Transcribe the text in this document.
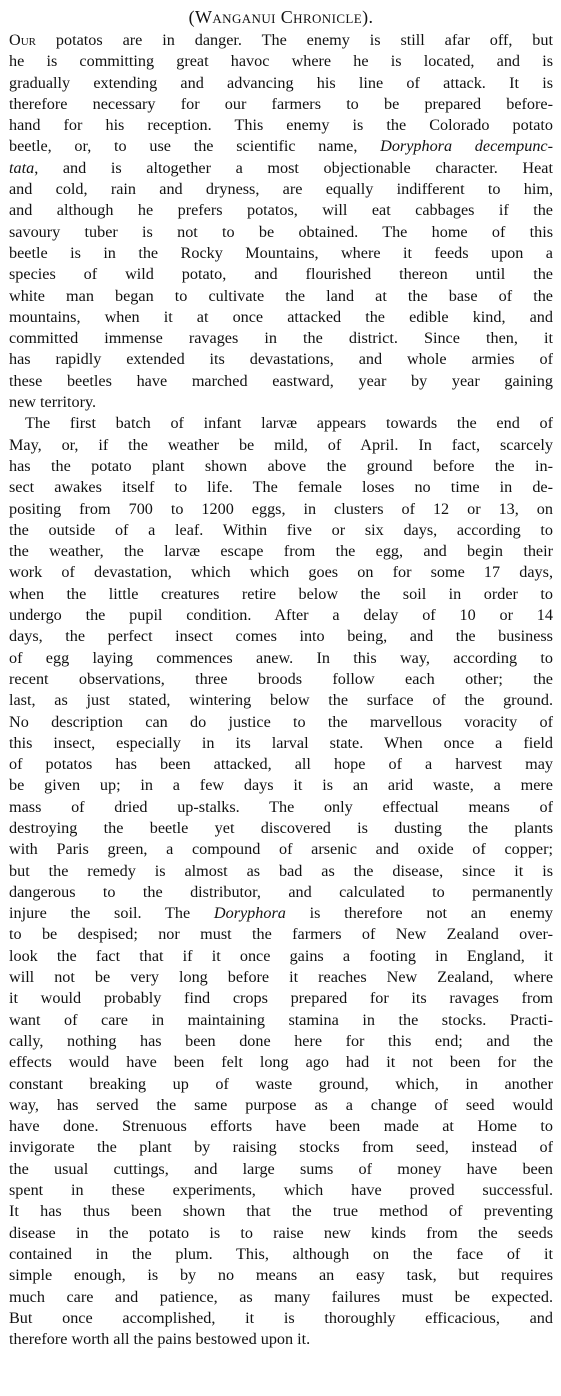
(Wanganui Chronicle).
Our potatos are in danger. The enemy is still afar off, but
he is committing great havoc where he is located, and is
gradually extending and advancing his line of attack. It is
therefore necessary for our farmers to be prepared before-
hand for his reception. This enemy is the Colorado potato
beetle, or, to use the scientific name, Doryphora decempunc-
tata, and is altogether a most objectionable character. Heat
and cold, rain and dryness, are equally indifferent to him,
and although he prefers potatos, will eat cabbages if the
savoury tuber is not to be obtained. The home of this
beetle is in the Rocky Mountains, where it feeds upon a
species of wild potato, and flourished thereon until the
white man began to cultivate the land at the base of the
mountains, when it at once attacked the edible kind, and
committed immense ravages in the district. Since then, it
has rapidly extended its devastations, and whole armies of
these beetles have marched eastward, year by year gaining
new territory.
The first batch of infant larvæ appears towards the end of
May, or, if the weather be mild, of April. In fact, scarcely
has the potato plant shown above the ground before the in-
sect awakes itself to life. The female loses no time in de-
positing from 700 to 1200 eggs, in clusters of 12 or 13, on
the outside of a leaf. Within five or six days, according to
the weather, the larvæ escape from the egg, and begin their
work of devastation, which which goes on for some 17 days,
when the little creatures retire below the soil in order to
undergo the pupil condition. After a delay of 10 or 14
days, the perfect insect comes into being, and the business
of egg laying commences anew. In this way, according to
recent observations, three broods follow each other; the
last, as just stated, wintering below the surface of the ground.
No description can do justice to the marvellous voracity of
this insect, especially in its larval state. When once a field
of potatos has been attacked, all hope of a harvest may
be given up; in a few days it is an arid waste, a mere
mass of dried up-stalks. The only effectual means of
destroying the beetle yet discovered is dusting the plants
with Paris green, a compound of arsenic and oxide of copper;
but the remedy is almost as bad as the disease, since it is
dangerous to the distributor, and calculated to permanently
injure the soil. The Doryphora is therefore not an enemy
to be despised; nor must the farmers of New Zealand over-
look the fact that if it once gains a footing in England, it
will not be very long before it reaches New Zealand, where
it would probably find crops prepared for its ravages from
want of care in maintaining stamina in the stocks. Practi-
cally, nothing has been done here for this end; and the
effects would have been felt long ago had it not been for the
constant breaking up of waste ground, which, in another
way, has served the same purpose as a change of seed would
have done. Strenuous efforts have been made at Home to
invigorate the plant by raising stocks from seed, instead of
the usual cuttings, and large sums of money have been
spent in these experiments, which have proved successful.
It has thus been shown that the true method of preventing
disease in the potato is to raise new kinds from the seeds
contained in the plum. This, although on the face of it
simple enough, is by no means an easy task, but requires
much care and patience, as many failures must be expected.
But once accomplished, it is thoroughly efficacious, and
therefore worth all the pains bestowed upon it.
